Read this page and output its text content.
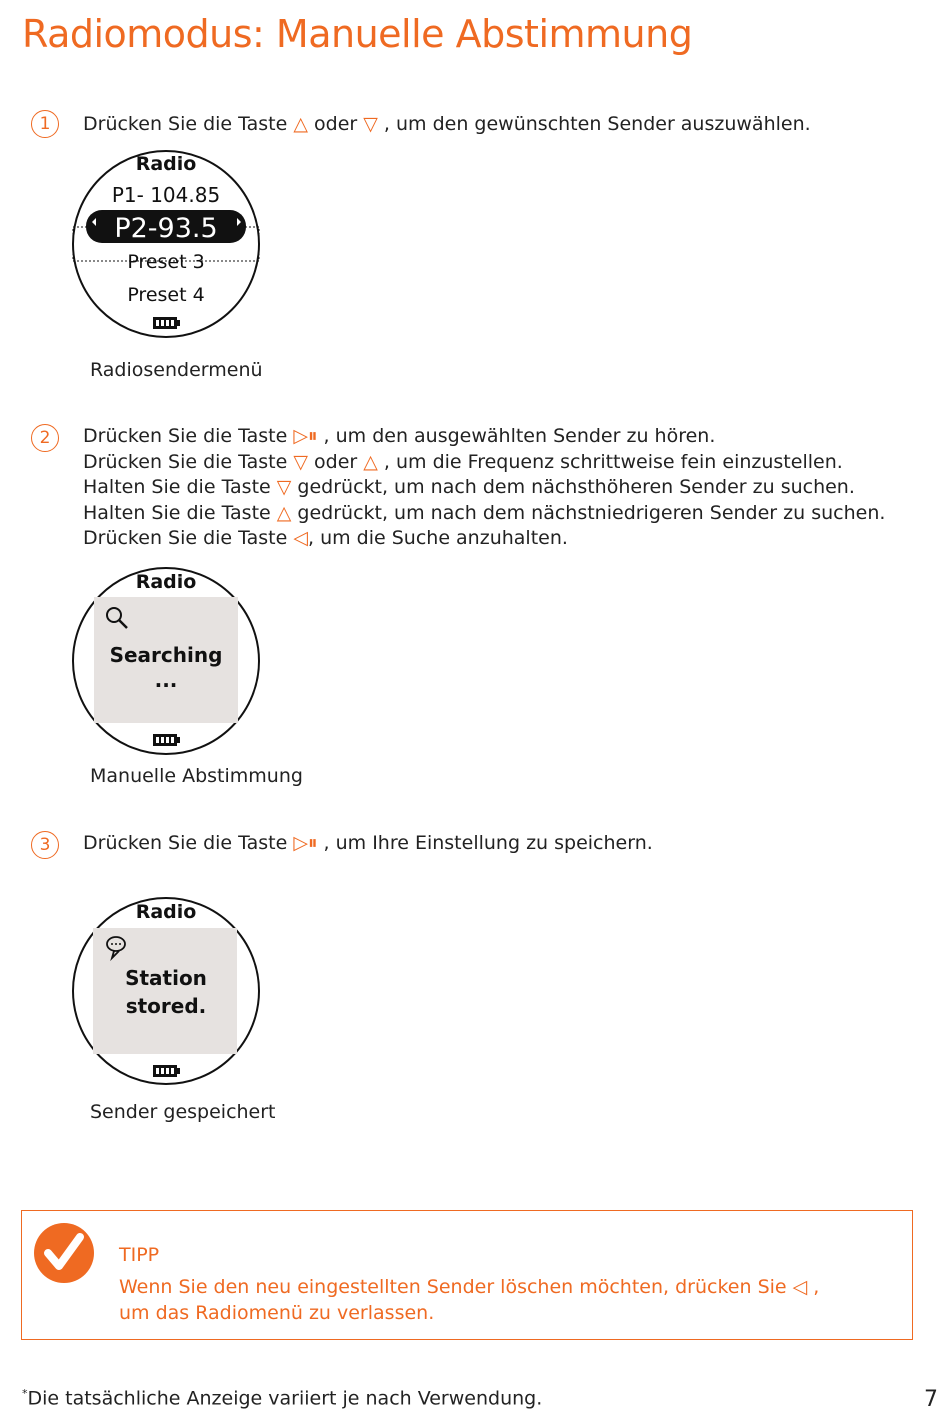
Radiomodus: Manuelle Abstimmung
1	Drücken Sie die Taste △ oder ▽ , um den gewünschten Sender auszuwählen.
Radio
P1- 104.85
P2-93.5
Preset 3
Preset 4
Radiosendermenü
2	Drücken Sie die Taste ▷⏸ , um den ausgewählten Sender zu hören.
Drücken Sie die Taste ▽ oder △ , um die Frequenz schrittweise fein einzustellen.
Halten Sie die Taste ▽ gedrückt, um nach dem nächsthöheren Sender zu suchen.
Halten Sie die Taste △ gedrückt, um nach dem nächstniedrigeren Sender zu suchen.
Drücken Sie die Taste ◁, um die Suche anzuhalten.
Radio
Searching
...
Manuelle Abstimmung
3	Drücken Sie die Taste ▷⏸ , um Ihre Einstellung zu speichern.
Radio
Station
stored.
Sender gespeichert
TIPP
Wenn Sie den neu eingestellten Sender löschen möchten, drücken Sie ◁ ,
um das Radiomenü zu verlassen.
*Die tatsächliche Anzeige variiert je nach Verwendung.	7
